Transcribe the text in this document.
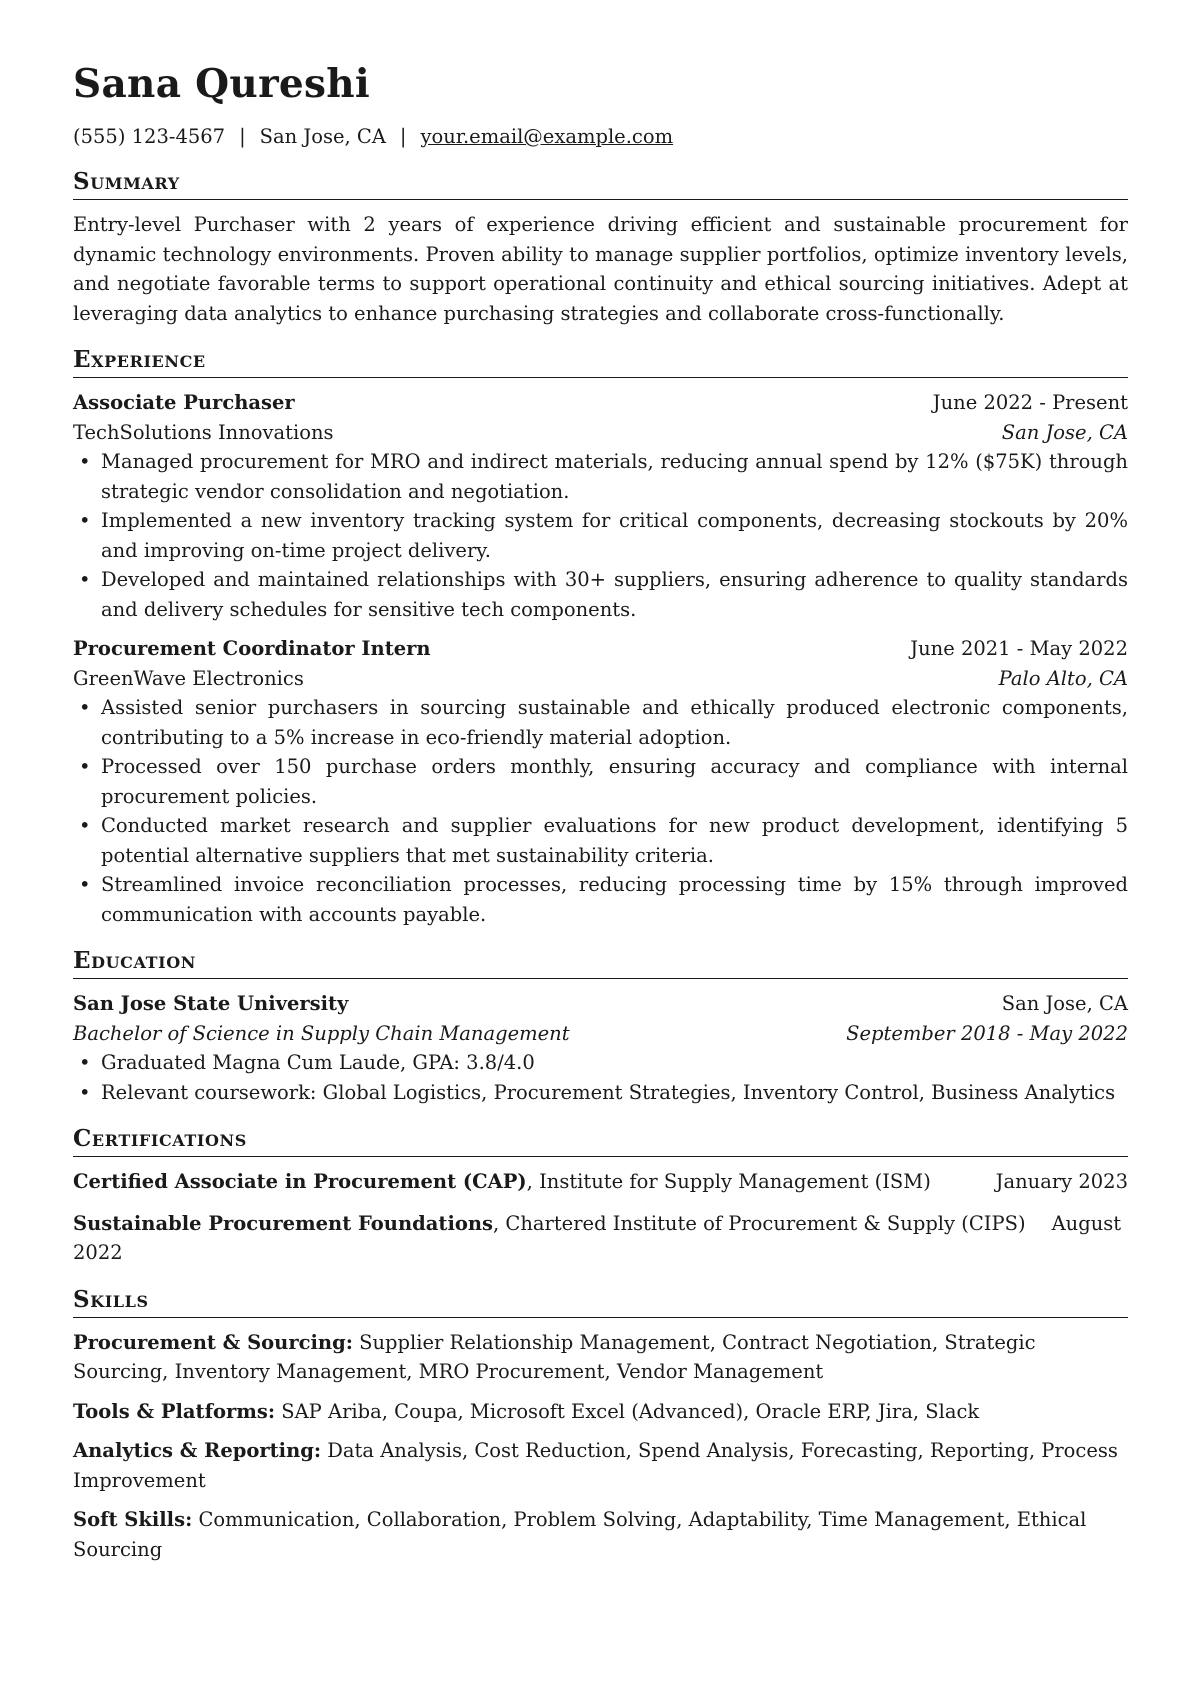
Sana Qureshi
(555) 123-4567 | San Jose, CA | your.email@example.com
Summary
Entry-level Purchaser with 2 years of experience driving efficient and sustainable procurement for dynamic technology environments. Proven ability to manage supplier portfolios, optimize inventory levels, and negotiate favorable terms to support operational continuity and ethical sourcing initiatives. Adept at leveraging data analytics to enhance purchasing strategies and collaborate cross-functionally.
Experience
Associate Purchaser	June 2022 - Present
TechSolutions Innovations	San Jose, CA
• Managed procurement for MRO and indirect materials, reducing annual spend by 12% ($75K) through strategic vendor consolidation and negotiation.
• Implemented a new inventory tracking system for critical components, decreasing stockouts by 20% and improving on-time project delivery.
• Developed and maintained relationships with 30+ suppliers, ensuring adherence to quality standards and delivery schedules for sensitive tech components.
Procurement Coordinator Intern	June 2021 - May 2022
GreenWave Electronics	Palo Alto, CA
• Assisted senior purchasers in sourcing sustainable and ethically produced electronic components, contributing to a 5% increase in eco-friendly material adoption.
• Processed over 150 purchase orders monthly, ensuring accuracy and compliance with internal procurement policies.
• Conducted market research and supplier evaluations for new product development, identifying 5 potential alternative suppliers that met sustainability criteria.
• Streamlined invoice reconciliation processes, reducing processing time by 15% through improved communication with accounts payable.
Education
San Jose State University	San Jose, CA
Bachelor of Science in Supply Chain Management	September 2018 - May 2022
• Graduated Magna Cum Laude, GPA: 3.8/4.0
• Relevant coursework: Global Logistics, Procurement Strategies, Inventory Control, Business Analytics
Certifications
Certified Associate in Procurement (CAP), Institute for Supply Management (ISM)	January 2023
Sustainable Procurement Foundations, Chartered Institute of Procurement & Supply (CIPS) August 2022
Skills
Procurement & Sourcing: Supplier Relationship Management, Contract Negotiation, Strategic Sourcing, Inventory Management, MRO Procurement, Vendor Management
Tools & Platforms: SAP Ariba, Coupa, Microsoft Excel (Advanced), Oracle ERP, Jira, Slack
Analytics & Reporting: Data Analysis, Cost Reduction, Spend Analysis, Forecasting, Reporting, Process Improvement
Soft Skills: Communication, Collaboration, Problem Solving, Adaptability, Time Management, Ethical Sourcing
